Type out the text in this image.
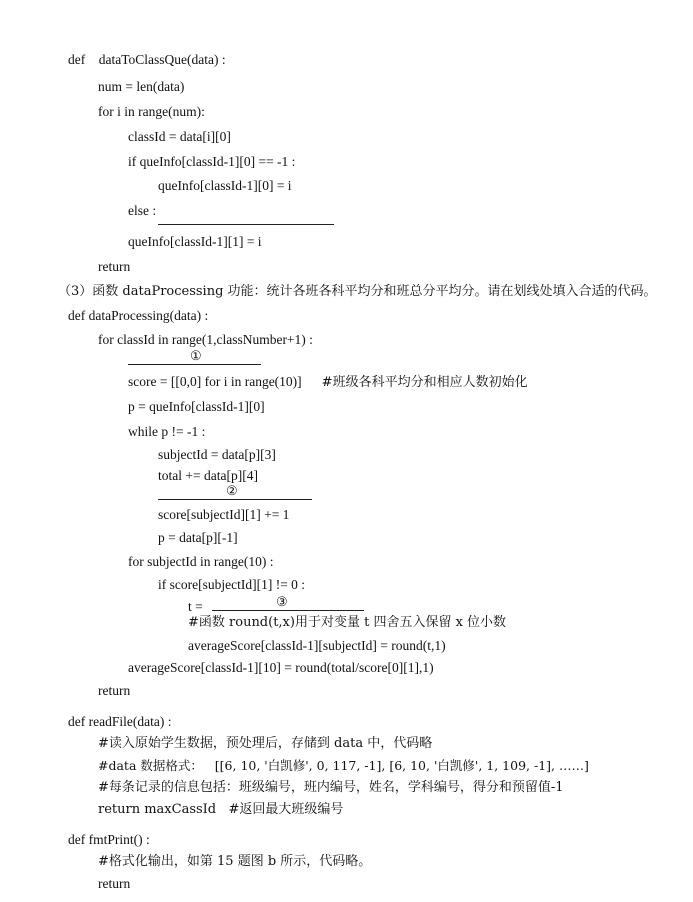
def    dataToClassQue(data) :
num = len(data)
for i in range(num):
classId = data[i][0]
if queInfo[classId-1][0] == -1 :
queInfo[classId-1][0] = i
else :
queInfo[classId-1][1] = i
return
（3）函数 dataProcessing 功能：统计各班各科平均分和班总分平均分。请在划线处填入合适的代码。
def dataProcessing(data) :
for classId in range(1,classNumber+1) :
①
score = [[0,0] for i in range(10)] #班级各科平均分和相应人数初始化
p = queInfo[classId-1][0]
while p != -1 :
subjectId = data[p][3]
total += data[p][4]
②
score[subjectId][1] += 1
p = data[p][-1]
for subjectId in range(10) :
if score[subjectId][1] != 0 :
t =	③
#函数 round(t,x)用于对变量 t 四舍五入保留 x 位小数
averageScore[classId-1][subjectId] = round(t,1)
averageScore[classId-1][10] = round(total/score[0][1],1)
return
def readFile(data) :
#读入原始学生数据，预处理后，存储到 data 中，代码略
#data 数据格式：   [[6, 10, '白凯修', 0, 117, -1], [6, 10, '白凯修', 1, 109, -1], ……]
#每条记录的信息包括：班级编号，班内编号，姓名，学科编号，得分和预留值-1
return maxCassId   #返回最大班级编号
def fmtPrint() :
#格式化输出，如第 15 题图 b 所示，代码略。
return
